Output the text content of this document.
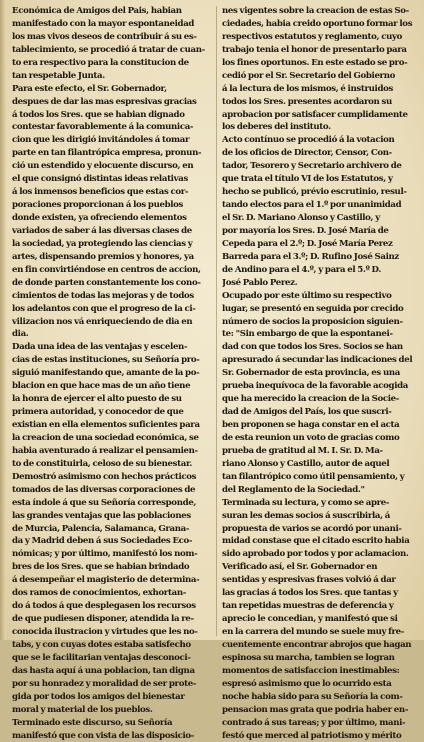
Económica de Amigos del Pais, habian
manifestado con la mayor espontaneidad
los mas vivos deseos de contribuir á su es-
tablecimiento, se procedió á tratar de cuan-
to era respectivo para la constitucion de
tan respetable Junta.
Para este efecto, el Sr. Gobernador,
despues de dar las mas espresivas gracias
á todos los Sres. que se habian dignado
contestar favorablemente á la comunica-
cion que les dirigió invitándoles á tomar
parte en tan filantrópica empresa, pronun-
ció un estendido y elocuente discurso, en
el que consignó distintas ideas relativas
á los inmensos beneficios que estas cor-
poraciones proporcionan á los pueblos
donde existen, ya ofreciendo elementos
variados de saber á las diversas clases de
la sociedad, ya protegiendo las ciencias y
artes, dispensando premios y honores, ya
en fin convirtiéndose en centros de accion,
de donde parten constantemente los cono-
cimientos de todas las mejoras y de todos
los adelantos con que el progreso de la ci-
vilizacion nos vá enriqueciendo de dia en
dia.
Dada una idea de las ventajas y escelen-
cias de estas instituciones, su Señoría pro-
siguió manifestando que, amante de la po-
blacion en que hace mas de un año tiene
la honra de ejercer el alto puesto de su
primera autoridad, y conocedor de que
existian en ella elementos suficientes para
la creacion de una sociedad económica, se
habia aventurado á realizar el pensamien-
to de constituirla, celoso de su bienestar.
Demostró asimismo con hechos prácticos
tomados de las diversas corporaciones de
esta índole á que su Señoría corresponde,
las grandes ventajas que las poblaciones
de Murcia, Palencia, Salamanca, Grana-
da y Madrid deben á sus Sociedades Eco-
nómicas; y por último, manifestó los nom-
bres de los Sres. que se habian brindado
á desempeñar el magisterio de determina-
dos ramos de conocimientos, exhortan-
do á todos á que desplegasen los recursos
de que pudiesen disponer, atendida la re-
conocida ilustracion y virtudes que les no-
tabs, y con cuyas dotes estaba satisfecho
que se le facilitarian ventajas desconoci-
das hasta aquí á una poblacion, tan digna
por su honradez y moralidad de ser prote-
gida por todos los amigos del bienestar
moral y material de los pueblos.
Terminado este discurso, su Señoría
manifestó que con vista de las disposicio-
nes vigentes sobre la creacion de estas So-
ciedades, habia creido oportuno formar los
respectivos estatutos y reglamento, cuyo
trabajo tenia el honor de presentarlo para
los fines oportunos. En este estado se pro-
cedió por el Sr. Secretario del Gobierno
á la lectura de los mismos, é instruidos
todos los Sres. presentes acordaron su
aprobacion por satisfacer cumplidamente
los deberes del instituto.
Acto contínuo se procedió á la votacion
de los oficios de Director, Censor, Con-
tador, Tesorero y Secretario archivero de
que trata el título VI de los Estatutos, y
hecho se publicó, prévio escrutinio, resul-
tando electos para el 1.º por unanimidad
el Sr. D. Mariano Alonso y Castillo, y
por mayoría los Sres. D. José María de
Cepeda para el 2.º; D. José María Perez
Barreda para el 3.º; D. Rufino José Sainz
de Andino para el 4.º, y para el 5.º D.
José Pablo Perez.
Ocupado por este último su respectivo
lugar, se presentó en seguida por crecido
número de socios la proposicion siguien-
te: "Sin embargo de que la espontanei-
dad con que todos los Sres. Socios se han
apresurado á secundar las indicaciones del
Sr. Gobernador de esta provincia, es una
prueba inequívoca de la favorable acogida
que ha merecido la creacion de la Socie-
dad de Amigos del País, los que suscri-
ben proponen se haga constar en el acta
de esta reunion un voto de gracias como
prueba de gratitud al M. I. Sr. D. Ma-
riano Alonso y Castillo, autor de aquel
tan filantrópico como útil pensamiento, y
del Reglamento de la Sociedad."
Terminada su lectura, y como se apre-
suran les demas socios á suscribirla, á
propuesta de varios se acordó por unani-
midad constase que el citado escrito habia
sido aprobado por todos y por aclamacion.
Verificado así, el Sr. Gobernador en
sentidas y espresivas frases volvió á dar
las gracias á todos los Sres. que tantas y
tan repetidas muestras de deferencia y
aprecio le concedian, y manifestó que si
en la carrera del mundo se suele muy fre-
cuentemente encontrar abrojos que hagan
espinosa su marcha, tambien se logran
momentos de satisfaccion inestimables:
espresó asimismo que lo ocurrido esta
noche habia sido para su Señoría la com-
pensacion mas grata que podria haber en-
contrado á sus tareas; y por último, mani-
festó que merced al patriotismo y mérito
